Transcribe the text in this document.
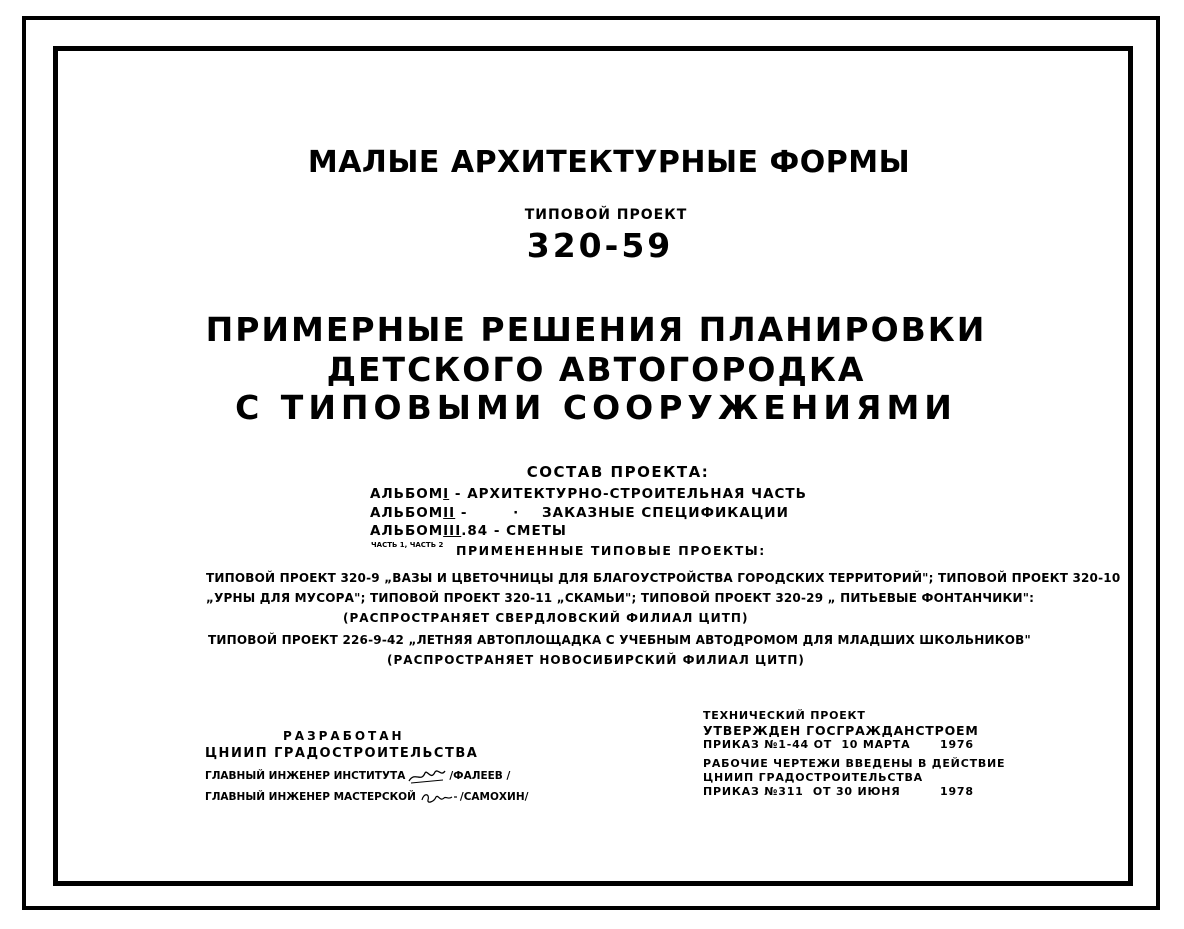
МАЛЫЕ АРХИТЕКТУРНЫЕ ФОРМЫ
ТИПОВОЙ ПРОЕКТ
320-59
ПРИМЕРНЫЕ РЕШЕНИЯ ПЛАНИРОВКИ
ДЕТСКОГО АВТОГОРОДКА
С ТИПОВЫМИ СООРУЖЕНИЯМИ
СОСТАВ ПРОЕКТА:
АЛЬБОМI - АРХИТЕКТУРНО-СТРОИТЕЛЬНАЯ ЧАСТЬ
АЛЬБОМII -        ·    ЗАКАЗНЫЕ СПЕЦИФИКАЦИИ
АЛЬБОМIII.84 - СМЕТЫ
ЧАСТЬ 1, ЧАСТЬ 2 ПРИМЕНЕННЫЕ ТИПОВЫЕ ПРОЕКТЫ:
ТИПОВОЙ ПРОЕКТ 320-9 „ВАЗЫ И ЦВЕТОЧНИЦЫ ДЛЯ БЛАГОУСТРОЙСТВА ГОРОДСКИХ ТЕРРИТОРИЙ"; ТИПОВОЙ ПРОЕКТ 320-10
„УРНЫ ДЛЯ МУСОРА"; ТИПОВОЙ ПРОЕКТ 320-11 „СКАМЬИ"; ТИПОВОЙ ПРОЕКТ 320-29 „ ПИТЬЕВЫЕ ФОНТАНЧИКИ":
(РАСПРОСТРАНЯЕТ СВЕРДЛОВСКИЙ ФИЛИАЛ ЦИТП)
ТИПОВОЙ ПРОЕКТ 226-9-42 „ЛЕТНЯЯ АВТОПЛОЩАДКА С УЧЕБНЫМ АВТОДРОМОМ ДЛЯ МЛАДШИХ ШКОЛЬНИКОВ"
(РАСПРОСТРАНЯЕТ НОВОСИБИРСКИЙ ФИЛИАЛ ЦИТП)
РАЗРАБОТАН
ЦНИИП ГРАДОСТРОИТЕЛЬСТВА
ГЛАВНЫЙ ИНЖЕНЕР ИНСТИТУТА	/ФАЛЕЕВ /
ГЛАВНЫЙ ИНЖЕНЕР МАСТЕРСКОЙ	/САМОХИН/
ТЕХНИЧЕСКИЙ ПРОЕКТ
УТВЕРЖДЕН ГОСГРАЖДАНСТРОЕМ
ПРИКАЗ №1-44 ОТ  10 МАРТА	1976
РАБОЧИЕ ЧЕРТЕЖИ ВВЕДЕНЫ В ДЕЙСТВИЕ
ЦНИИП ГРАДОСТРОИТЕЛЬСТВА
ПРИКАЗ №311  ОТ 30 ИЮНЯ	1978
